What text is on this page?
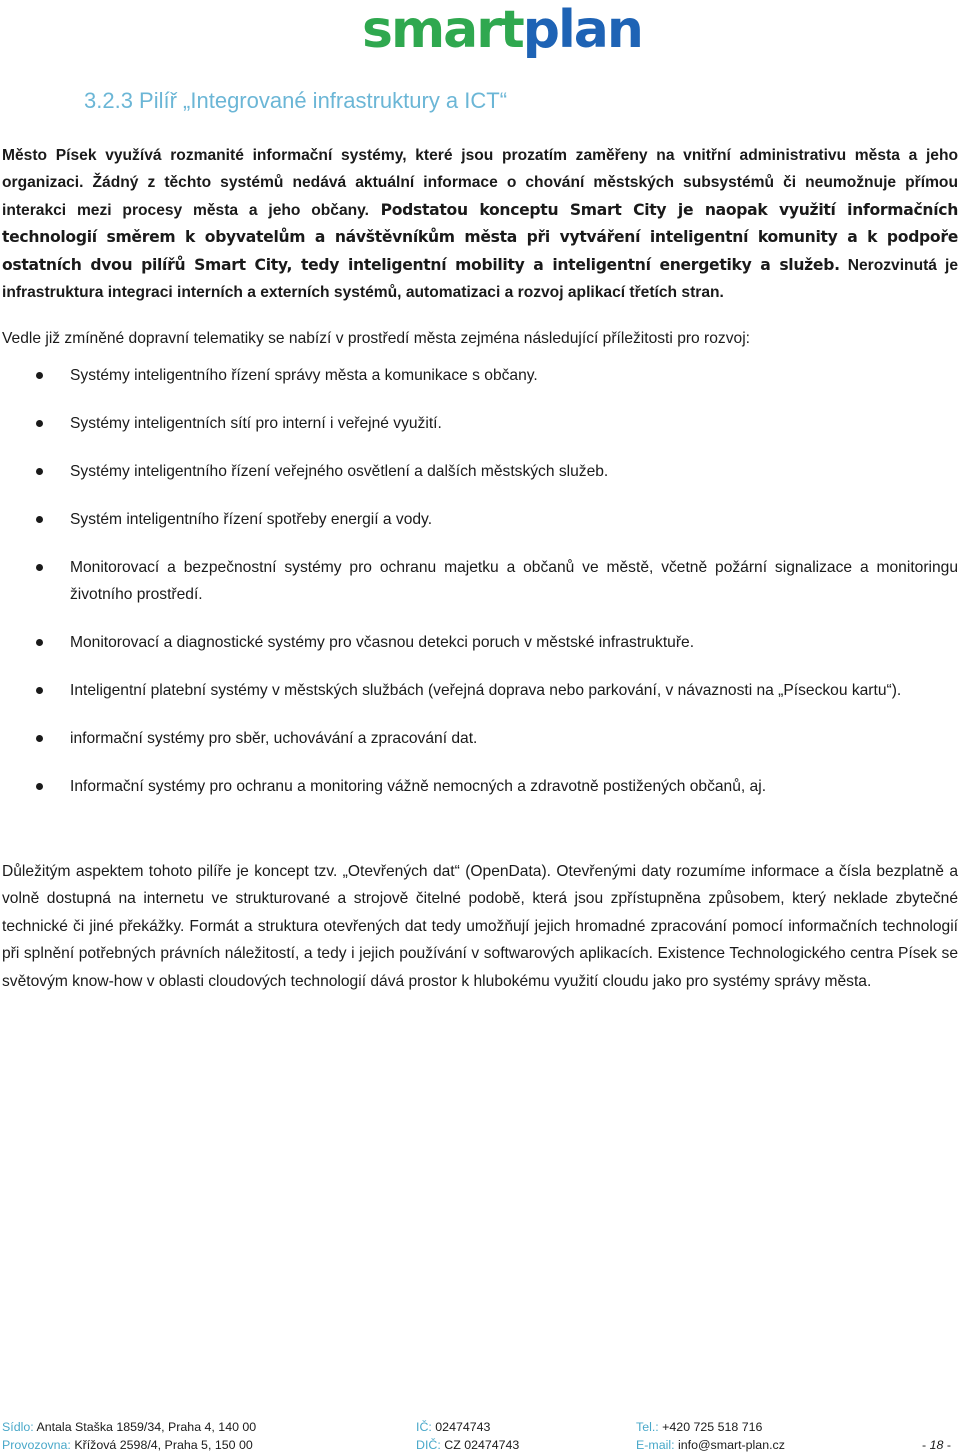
smartplan
3.2.3 Pilíř „Integrované infrastruktury a ICT“

Město Písek využívá rozmanité informační systémy, které jsou prozatím zaměřeny na vnitřní administrativu města a jeho organizaci. Žádný z těchto systémů nedává aktuální informace o chování městských subsystémů či neumožnuje přímou interakci mezi procesy města a jeho občany. Podstatou konceptu Smart City je naopak využití informačních technologií směrem k obyvatelům a návštěvníkům města při vytváření inteligentní komunity a k podpoře ostatních dvou pilířů Smart City, tedy inteligentní mobility a inteligentní energetiky a služeb. Nerozvinutá je infrastruktura integraci interních a externích systémů, automatizaci a rozvoj aplikací třetích stran.

Vedle již zmíněné dopravní telematiky se nabízí v prostředí města zejména následující příležitosti pro rozvoj:

Systémy inteligentního řízení správy města a komunikace s občany.
Systémy inteligentních sítí pro interní i veřejné využití.
Systémy inteligentního řízení veřejného osvětlení a dalších městských služeb.
Systém inteligentního řízení spotřeby energií a vody.
Monitorovací a bezpečnostní systémy pro ochranu majetku a občanů ve městě, včetně požární signalizace a monitoringu životního prostředí.
Monitorovací a diagnostické systémy pro včasnou detekci poruch v městské infrastruktuře.
Inteligentní platební systémy v městských službách (veřejná doprava nebo parkování, v návaznosti na „Píseckou kartu“).
informační systémy pro sběr, uchovávání a zpracování dat.
Informační systémy pro ochranu a monitoring vážně nemocných a zdravotně postižených občanů, aj.

Důležitým aspektem tohoto pilíře je koncept tzv. „Otevřených dat“ (OpenData). Otevřenými daty rozumíme informace a čísla bezplatně a volně dostupná na internetu ve strukturované a strojově čitelné podobě, která jsou zpřístupněna způsobem, který neklade zbytečné technické či jiné překážky. Formát a struktura otevřených dat tedy umožňují jejich hromadné zpracování pomocí informačních technologií při splnění potřebných právních náležitostí, a tedy i jejich používání v softwarových aplikacích. Existence Technologického centra Písek se světovým know-how v oblasti cloudových technologií dává prostor k hlubokému využití cloudu jako pro systémy správy města.

Sídlo: Antala Staška 1859/34, Praha 4, 140 00	IČ: 02474743	Tel.: +420 725 518 716
Provozovna: Křížová 2598/4, Praha 5, 150 00	DIČ: CZ 02474743	E-mail: info@smart-plan.cz	- 18 -
